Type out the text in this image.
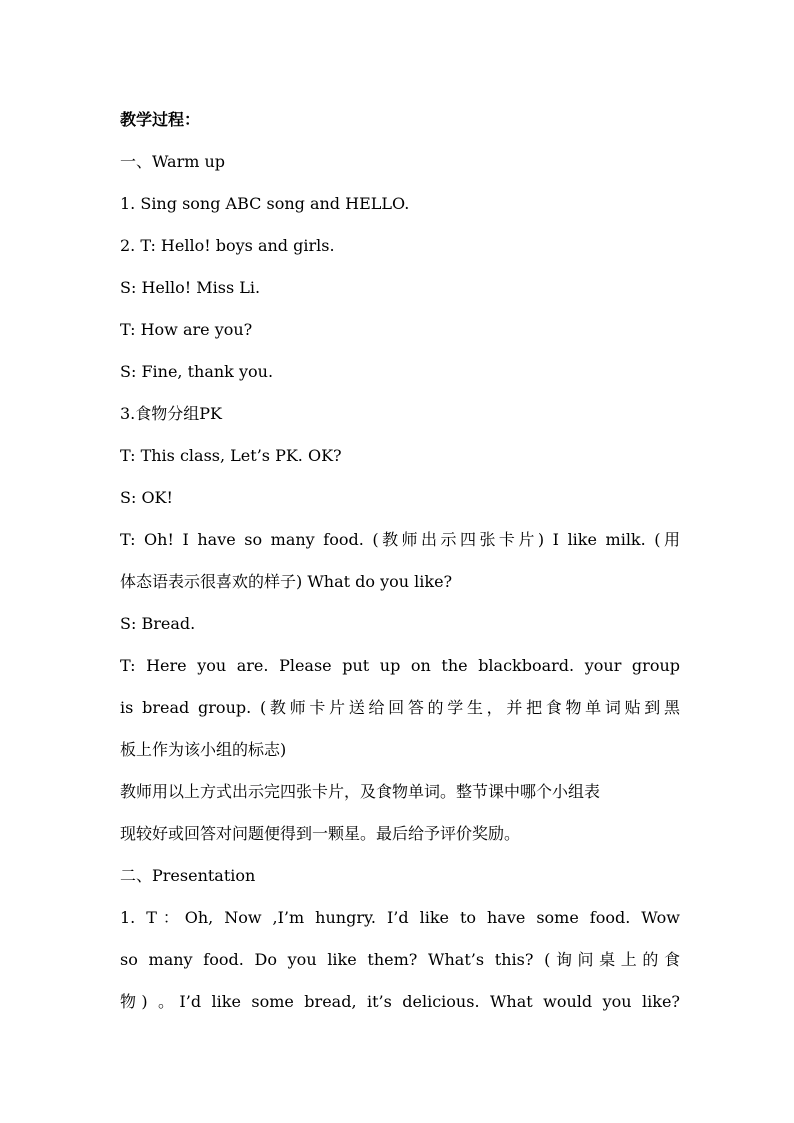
教学过程：
一、Warm up
1. Sing song ABC song and HELLO.
2. T: Hello! boys and girls.
S: Hello! Miss Li.
T: How are you?
S: Fine, thank you.
3.食物分组PK
T: This class, Let’s PK. OK?
S: OK!
T: Oh! I have so many food. (教师出示四张卡片) I like milk. (用
体态语表示很喜欢的样子) What do you like?
S: Bread.
T: Here you are. Please put up on the blackboard. your group
is bread group. (教师卡片送给回答的学生，并把食物单词贴到黑
板上作为该小组的标志)
教师用以上方式出示完四张卡片，及食物单词。整节课中哪个小组表
现较好或回答对问题便得到一颗星。最后给予评价奖励。
二、Presentation
1. T：Oh, Now ,I’m hungry. I’d like to have some food. Wow
so many food. Do you like them? What’s this? (询问桌上的食
物) 。I’d like some bread, it’s delicious. What would you like?
